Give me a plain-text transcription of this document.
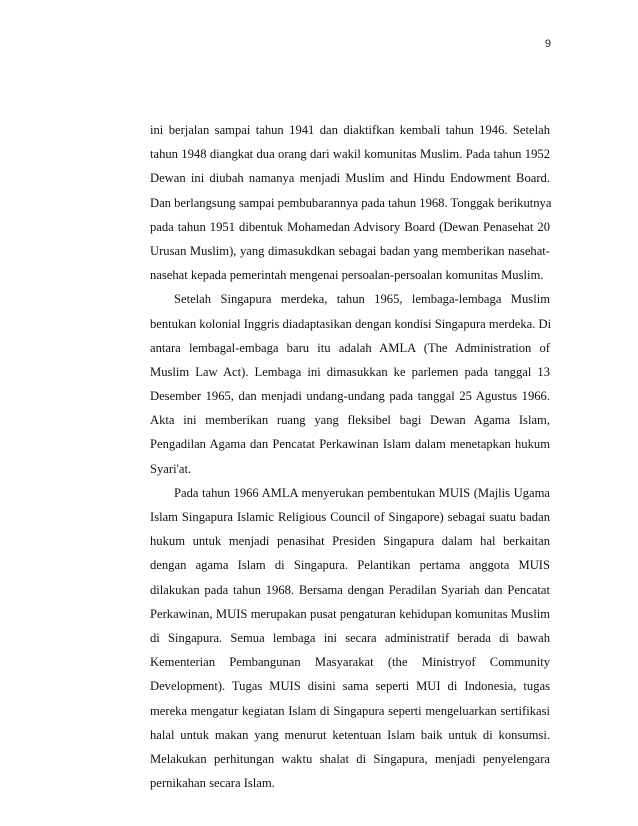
9
ini berjalan sampai tahun 1941 dan diaktifkan kembali tahun 1946. Setelah
tahun 1948 diangkat dua orang dari wakil komunitas Muslim. Pada tahun 1952
Dewan ini diubah namanya menjadi Muslim and Hindu Endowment Board.
Dan berlangsung sampai pembubarannya pada tahun 1968. Tonggak berikutnya
pada tahun 1951 dibentuk Mohamedan Advisory Board (Dewan Penasehat 20
Urusan Muslim), yang dimasukdkan sebagai badan yang memberikan nasehat-
nasehat kepada pemerintah mengenai persoalan-persoalan komunitas Muslim.
Setelah Singapura merdeka, tahun 1965, lembaga-lembaga Muslim
bentukan kolonial Inggris diadaptasikan dengan kondisi Singapura merdeka. Di
antara lembagal-embaga baru itu adalah AMLA (The Administration of
Muslim Law Act). Lembaga ini dimasukkan ke parlemen pada tanggal 13
Desember 1965, dan menjadi undang-undang pada tanggal 25 Agustus 1966.
Akta ini memberikan ruang yang fleksibel bagi Dewan Agama Islam,
Pengadilan Agama dan Pencatat Perkawinan Islam dalam menetapkan hukum
Syari'at.
Pada tahun 1966 AMLA menyerukan pembentukan MUIS (Majlis Ugama
Islam Singapura Islamic Religious Council of Singapore) sebagai suatu badan
hukum untuk menjadi penasihat Presiden Singapura dalam hal berkaitan
dengan agama Islam di Singapura. Pelantikan pertama anggota MUIS
dilakukan pada tahun 1968. Bersama dengan Peradilan Syariah dan Pencatat
Perkawinan, MUIS merupakan pusat pengaturan kehidupan komunitas Muslim
di Singapura. Semua lembaga ini secara administratif berada di bawah
Kementerian Pembangunan Masyarakat (the Ministryof Community
Development). Tugas MUIS disini sama seperti MUI di Indonesia, tugas
mereka mengatur kegiatan Islam di Singapura seperti mengeluarkan sertifikasi
halal untuk makan yang menurut ketentuan Islam baik untuk di konsumsi.
Melakukan perhitungan waktu shalat di Singapura, menjadi penyelengara
pernikahan secara Islam.
